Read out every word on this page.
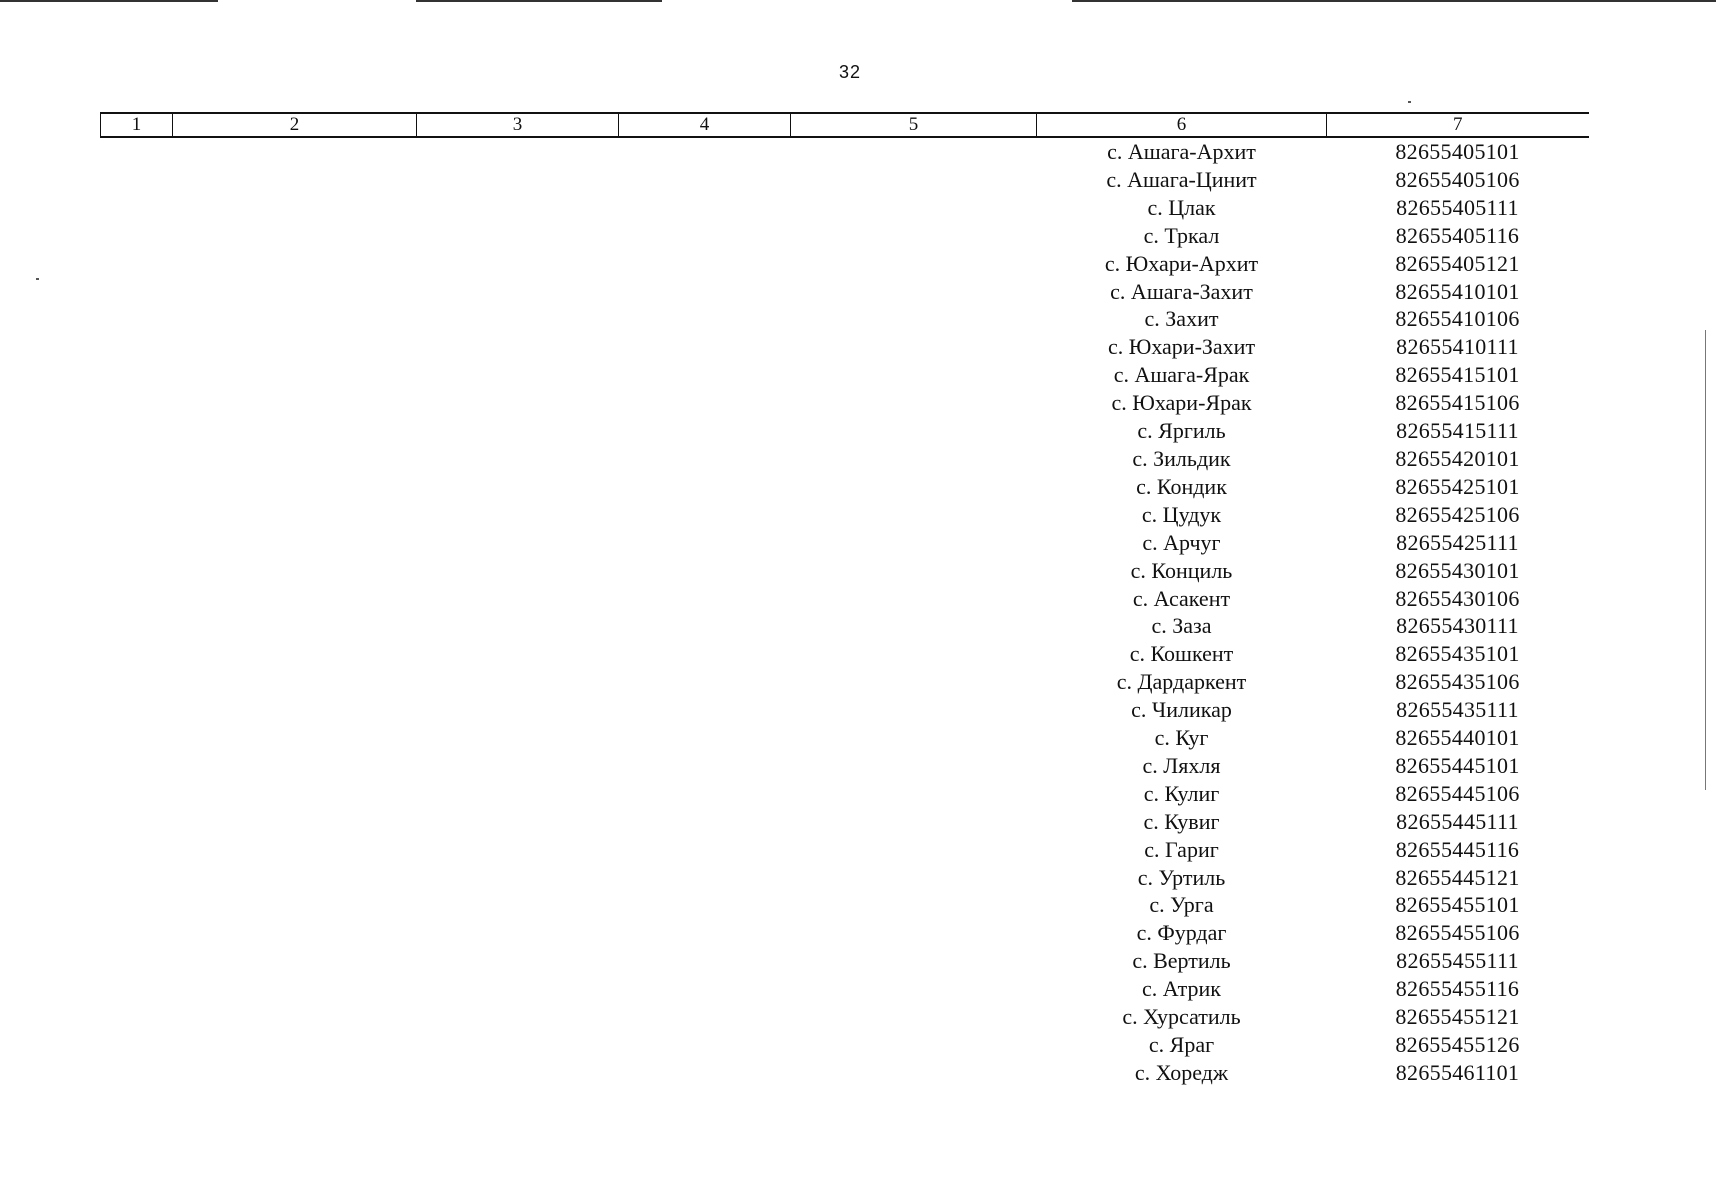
32
1	2	3	4	5	6	7
					с. Ашага-Архит	82655405101
					с. Ашага-Цинит	82655405106
					с. Цлак	82655405111
					с. Тркал	82655405116
					с. Юхари-Архит	82655405121
					с. Ашага-Захит	82655410101
					с. Захит	82655410106
					с. Юхари-Захит	82655410111
					с. Ашага-Ярак	82655415101
					с. Юхари-Ярак	82655415106
					с. Яргиль	82655415111
					с. Зильдик	82655420101
					с. Кондик	82655425101
					с. Цудук	82655425106
					с. Арчуг	82655425111
					с. Конциль	82655430101
					с. Асакент	82655430106
					с. Заза	82655430111
					с. Кошкент	82655435101
					с. Дардаркент	82655435106
					с. Чиликар	82655435111
					с. Куг	82655440101
					с. Ляхля	82655445101
					с. Кулиг	82655445106
					с. Кувиг	82655445111
					с. Гариг	82655445116
					с. Уртиль	82655445121
					с. Урга	82655455101
					с. Фурдаг	82655455106
					с. Вертиль	82655455111
					с. Атрик	82655455116
					с. Хурсатиль	82655455121
					с. Яраг	82655455126
					с. Хоредж	82655461101
